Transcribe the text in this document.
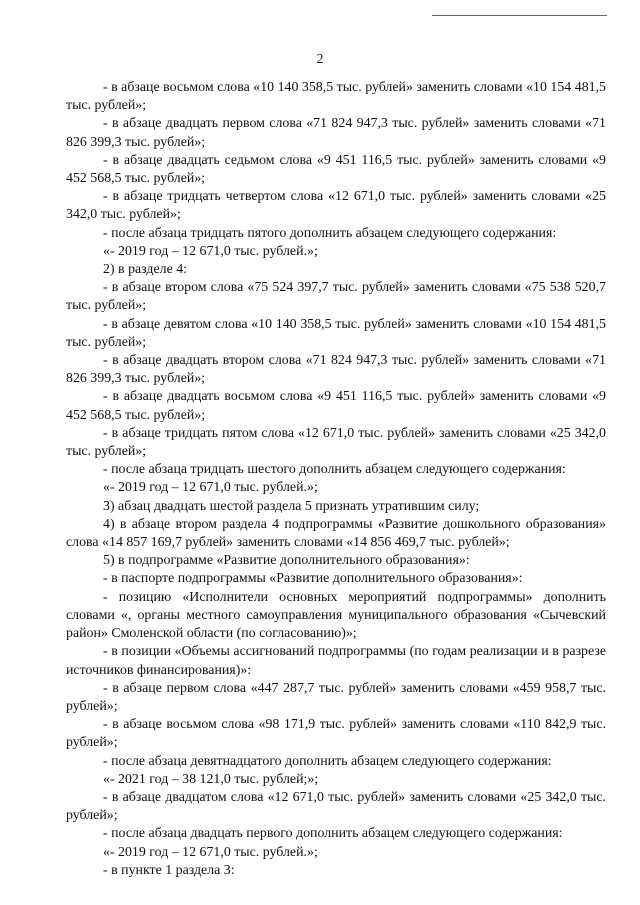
2

- в абзаце восьмом слова «10 140 358,5 тыс. рублей» заменить словами «10 154 481,5 тыс. рублей»;

- в абзаце двадцать первом слова «71 824 947,3 тыс. рублей» заменить словами «71 826 399,3 тыс. рублей»;

- в абзаце двадцать седьмом слова «9 451 116,5 тыс. рублей» заменить словами «9 452 568,5 тыс. рублей»;

- в абзаце тридцать четвертом слова «12 671,0 тыс. рублей» заменить словами «25 342,0 тыс. рублей»;

- после абзаца тридцать пятого дополнить абзацем следующего содержания:

«- 2019 год – 12 671,0 тыс. рублей.»;

2) в разделе 4:

- в абзаце втором слова «75 524 397,7 тыс. рублей» заменить словами «75 538 520,7 тыс. рублей»;

- в абзаце девятом слова «10 140 358,5 тыс. рублей» заменить словами «10 154 481,5 тыс. рублей»;

- в абзаце двадцать втором слова «71 824 947,3 тыс. рублей» заменить словами «71 826 399,3 тыс. рублей»;

- в абзаце двадцать восьмом слова «9 451 116,5 тыс. рублей» заменить словами «9 452 568,5 тыс. рублей»;

- в абзаце тридцать пятом слова «12 671,0 тыс. рублей» заменить словами «25 342,0 тыс. рублей»;

- после абзаца тридцать шестого дополнить абзацем следующего содержания:

«- 2019 год – 12 671,0 тыс. рублей.»;

3) абзац двадцать шестой раздела 5 признать утратившим силу;

4) в абзаце втором раздела 4 подпрограммы «Развитие дошкольного образования» слова «14 857 169,7 рублей» заменить словами «14 856 469,7 тыс. рублей»;

5) в подпрограмме «Развитие дополнительного образования»:

- в паспорте подпрограммы «Развитие дополнительного образования»:

- позицию «Исполнители основных мероприятий подпрограммы» дополнить словами «, органы местного самоуправления муниципального образования «Сычевский район» Смоленской области (по согласованию)»;

- в позиции «Объемы ассигнований подпрограммы (по годам реализации и в разрезе источников финансирования)»:

- в абзаце первом слова «447 287,7 тыс. рублей» заменить словами «459 958,7 тыс. рублей»;

- в абзаце восьмом слова «98 171,9 тыс. рублей» заменить словами «110 842,9 тыс. рублей»;

- после абзаца девятнадцатого дополнить абзацем следующего содержания:

«- 2021 год – 38 121,0 тыс. рублей;»;

- в абзаце двадцатом слова «12 671,0 тыс. рублей» заменить словами «25 342,0 тыс. рублей»;

- после абзаца двадцать первого дополнить абзацем следующего содержания:

«- 2019 год – 12 671,0 тыс. рублей.»;

- в пункте 1 раздела 3:
